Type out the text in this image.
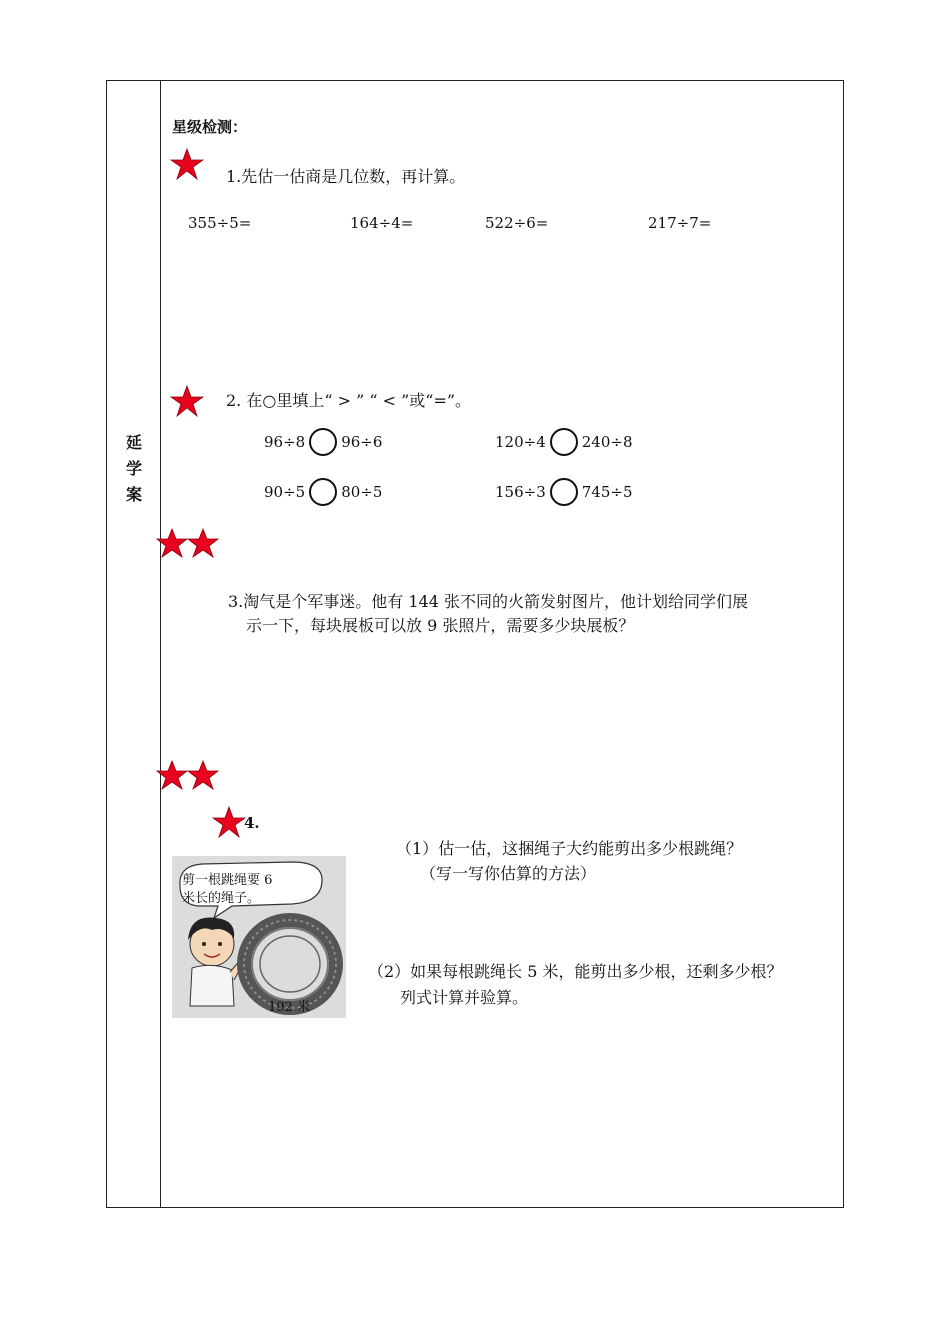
延
学
案
星级检测：
1.先估一估商是几位数，再计算。
355÷5=	164÷4=	522÷6=	217÷7=
2. 在○里填上“ > ” “ < ”或“=”。
96÷8 96÷6	120÷4 240÷8
90÷5 80÷5	156÷3 745÷5
3.淘气是个军事迷。他有 144 张不同的火箭发射图片，他计划给同学们展
示一下，每块展板可以放 9 张照片，需要多少块展板？
4.
（1）估一估，这捆绳子大约能剪出多少根跳绳？
（写一写你估算的方法）
（2）如果每根跳绳长 5 米，能剪出多少根，还剩多少根？
列式计算并验算。
剪一根跳绳要 6
米长的绳子。
192 米
